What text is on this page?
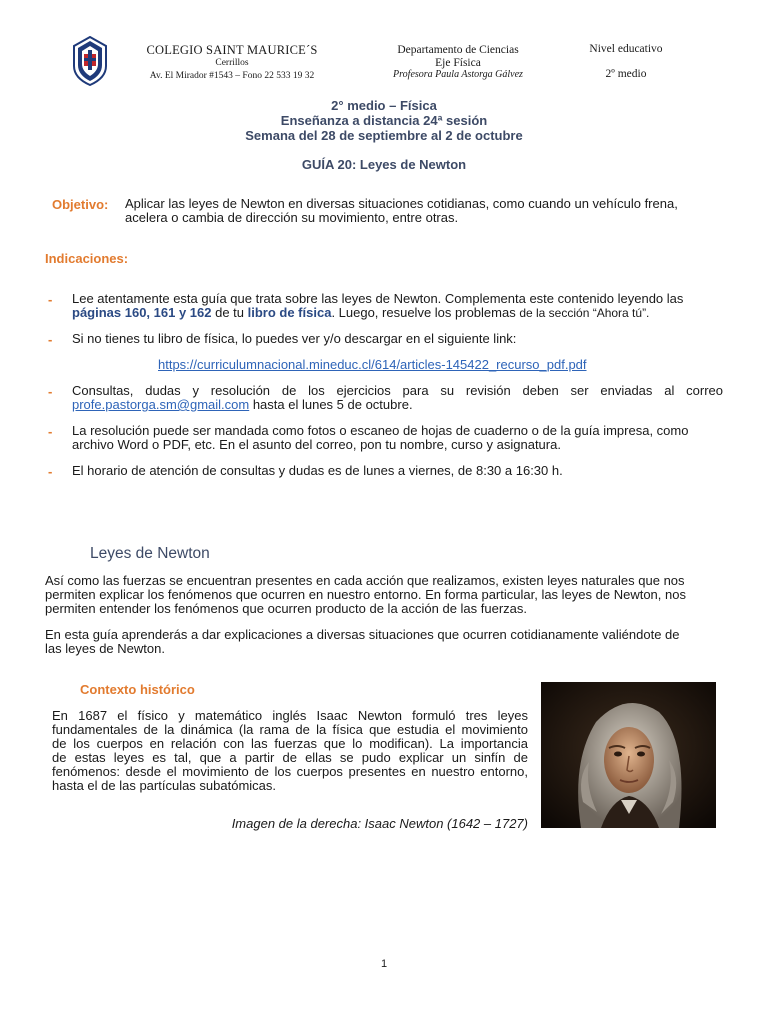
COLEGIO SAINT MAURICE´S
Cerrillos
Av. El Mirador #1543 – Fono 22 533 19 32
Departamento de Ciencias
Eje Física
Profesora Paula Astorga Gálvez
Nivel educativo
2º medio
2° medio – Física
Enseñanza a distancia 24ª sesión
Semana del 28 de septiembre al 2 de octubre
GUÍA 20: Leyes de Newton
Objetivo: Aplicar las leyes de Newton en diversas situaciones cotidianas, como cuando un vehículo frena,
acelera o cambia de dirección su movimiento, entre otras.
Indicaciones:
- Lee atentamente esta guía que trata sobre las leyes de Newton. Complementa este contenido leyendo las
páginas 160, 161 y 162 de tu libro de física. Luego, resuelve los problemas de la sección “Ahora tú”.
- Si no tienes tu libro de física, lo puedes ver y/o descargar en el siguiente link:
https://curriculumnacional.mineduc.cl/614/articles-145422_recurso_pdf.pdf
- Consultas, dudas y resolución de los ejercicios para su revisión deben ser enviadas al correo
profe.pastorga.sm@gmail.com hasta el lunes 5 de octubre.
- La resolución puede ser mandada como fotos o escaneo de hojas de cuaderno o de la guía impresa, como
archivo Word o PDF, etc. En el asunto del correo, pon tu nombre, curso y asignatura.
- El horario de atención de consultas y dudas es de lunes a viernes, de 8:30 a 16:30 h.
Leyes de Newton
Así como las fuerzas se encuentran presentes en cada acción que realizamos, existen leyes naturales que nos
permiten explicar los fenómenos que ocurren en nuestro entorno. En forma particular, las leyes de Newton, nos
permiten entender los fenómenos que ocurren producto de la acción de las fuerzas.
En esta guía aprenderás a dar explicaciones a diversas situaciones que ocurren cotidianamente valiéndote de
las leyes de Newton.
Contexto histórico
En 1687 el físico y matemático inglés Isaac Newton formuló tres leyes
fundamentales de la dinámica (la rama de la física que estudia el movimiento
de los cuerpos en relación con las fuerzas que lo modifican). La importancia
de estas leyes es tal, que a partir de ellas se pudo explicar un sinfín de
fenómenos: desde el movimiento de los cuerpos presentes en nuestro entorno,
hasta el de las partículas subatómicas.
Imagen de la derecha: Isaac Newton (1642 – 1727)
1
